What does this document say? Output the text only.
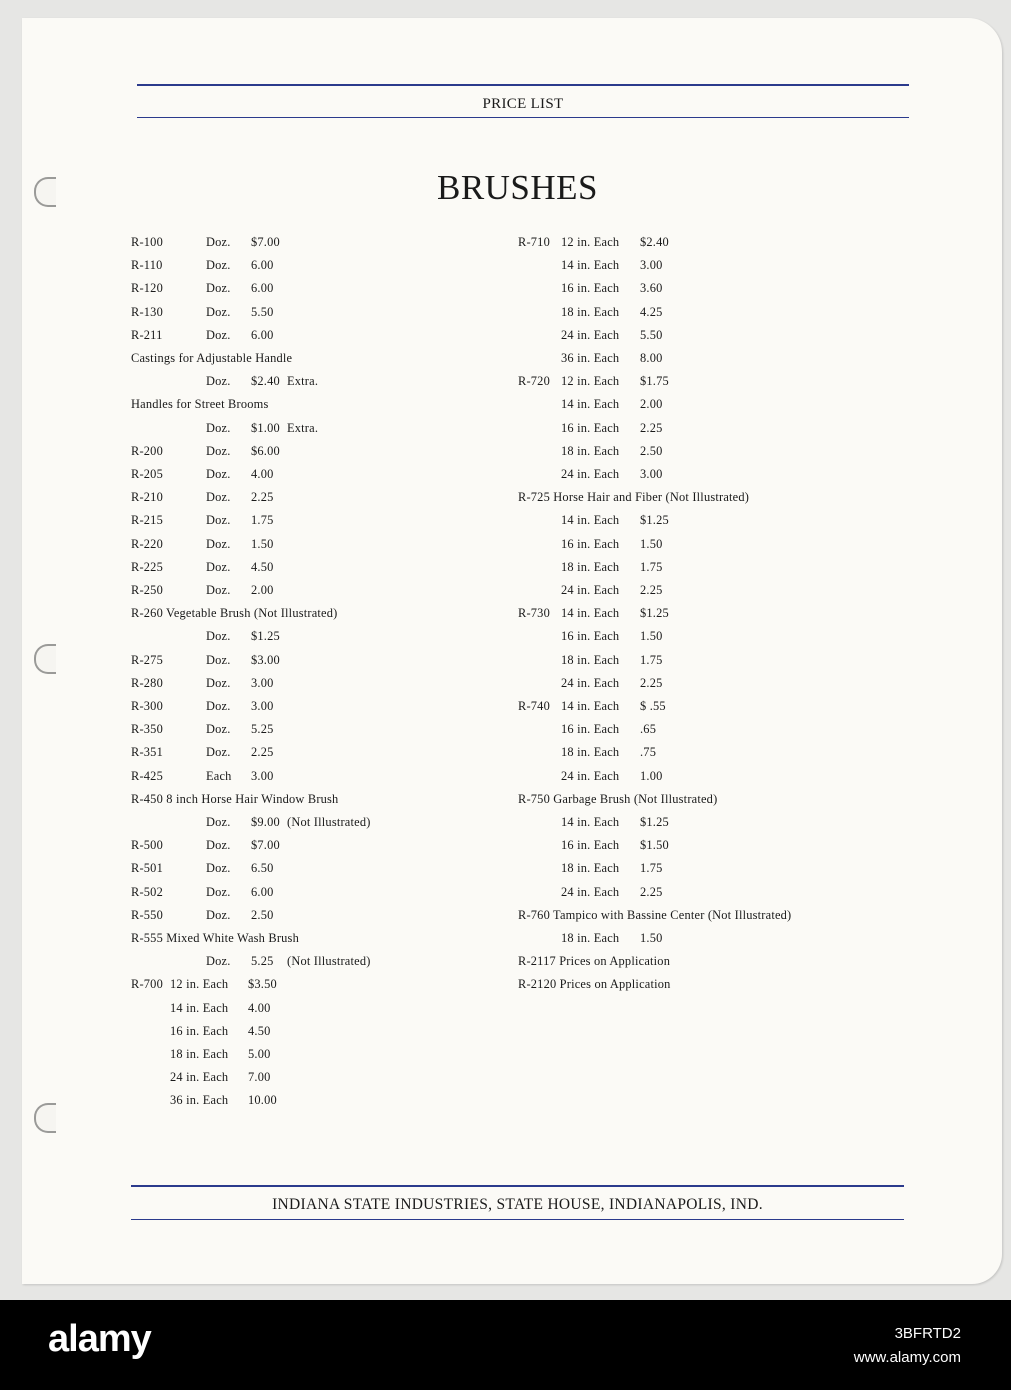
PRICE LIST
BRUSHES
R-100	Doz. $7.00
R-110	Doz. 6.00
R-120	Doz. 6.00
R-130	Doz. 5.50
R-211	Doz. 6.00
Castings for Adjustable Handle
Doz. $2.40 Extra.
Handles for Street Brooms
Doz. $1.00 Extra.
R-200	Doz. $6.00
R-205	Doz. 4.00
R-210	Doz. 2.25
R-215	Doz. 1.75
R-220	Doz. 1.50
R-225	Doz. 4.50
R-250	Doz. 2.00
R-260 Vegetable Brush (Not Illustrated)
Doz. $1.25
R-275	Doz. $3.00
R-280	Doz. 3.00
R-300	Doz. 3.00
R-350	Doz. 5.25
R-351	Doz. 2.25
R-425	Each 3.00
R-450 8 inch Horse Hair Window Brush
Doz. $9.00 (Not Illustrated)
R-500	Doz. $7.00
R-501	Doz. 6.50
R-502	Doz. 6.00
R-550	Doz. 2.50
R-555 Mixed White Wash Brush
Doz. 5.25 (Not Illustrated)
R-700 12 in. Each $3.50
14 in. Each 4.00
16 in. Each 4.50
18 in. Each 5.00
24 in. Each 7.00
36 in. Each 10.00
R-710 12 in. Each $2.40
14 in. Each 3.00
16 in. Each 3.60
18 in. Each 4.25
24 in. Each 5.50
36 in. Each 8.00
R-720 12 in. Each $1.75
14 in. Each 2.00
16 in. Each 2.25
18 in. Each 2.50
24 in. Each 3.00
R-725 Horse Hair and Fiber (Not Illustrated)
14 in. Each $1.25
16 in. Each 1.50
18 in. Each 1.75
24 in. Each 2.25
R-730 14 in. Each $1.25
16 in. Each 1.50
18 in. Each 1.75
24 in. Each 2.25
R-740 14 in. Each $ .55
16 in. Each .65
18 in. Each .75
24 in. Each 1.00
R-750 Garbage Brush (Not Illustrated)
14 in. Each $1.25
16 in. Each $1.50
18 in. Each 1.75
24 in. Each 2.25
R-760 Tampico with Bassine Center (Not Illustrated)
18 in. Each 1.50
R-2117 Prices on Application
R-2120 Prices on Application
INDIANA STATE INDUSTRIES, STATE HOUSE, INDIANAPOLIS, IND.
alamy	3BFRTD2
www.alamy.com
